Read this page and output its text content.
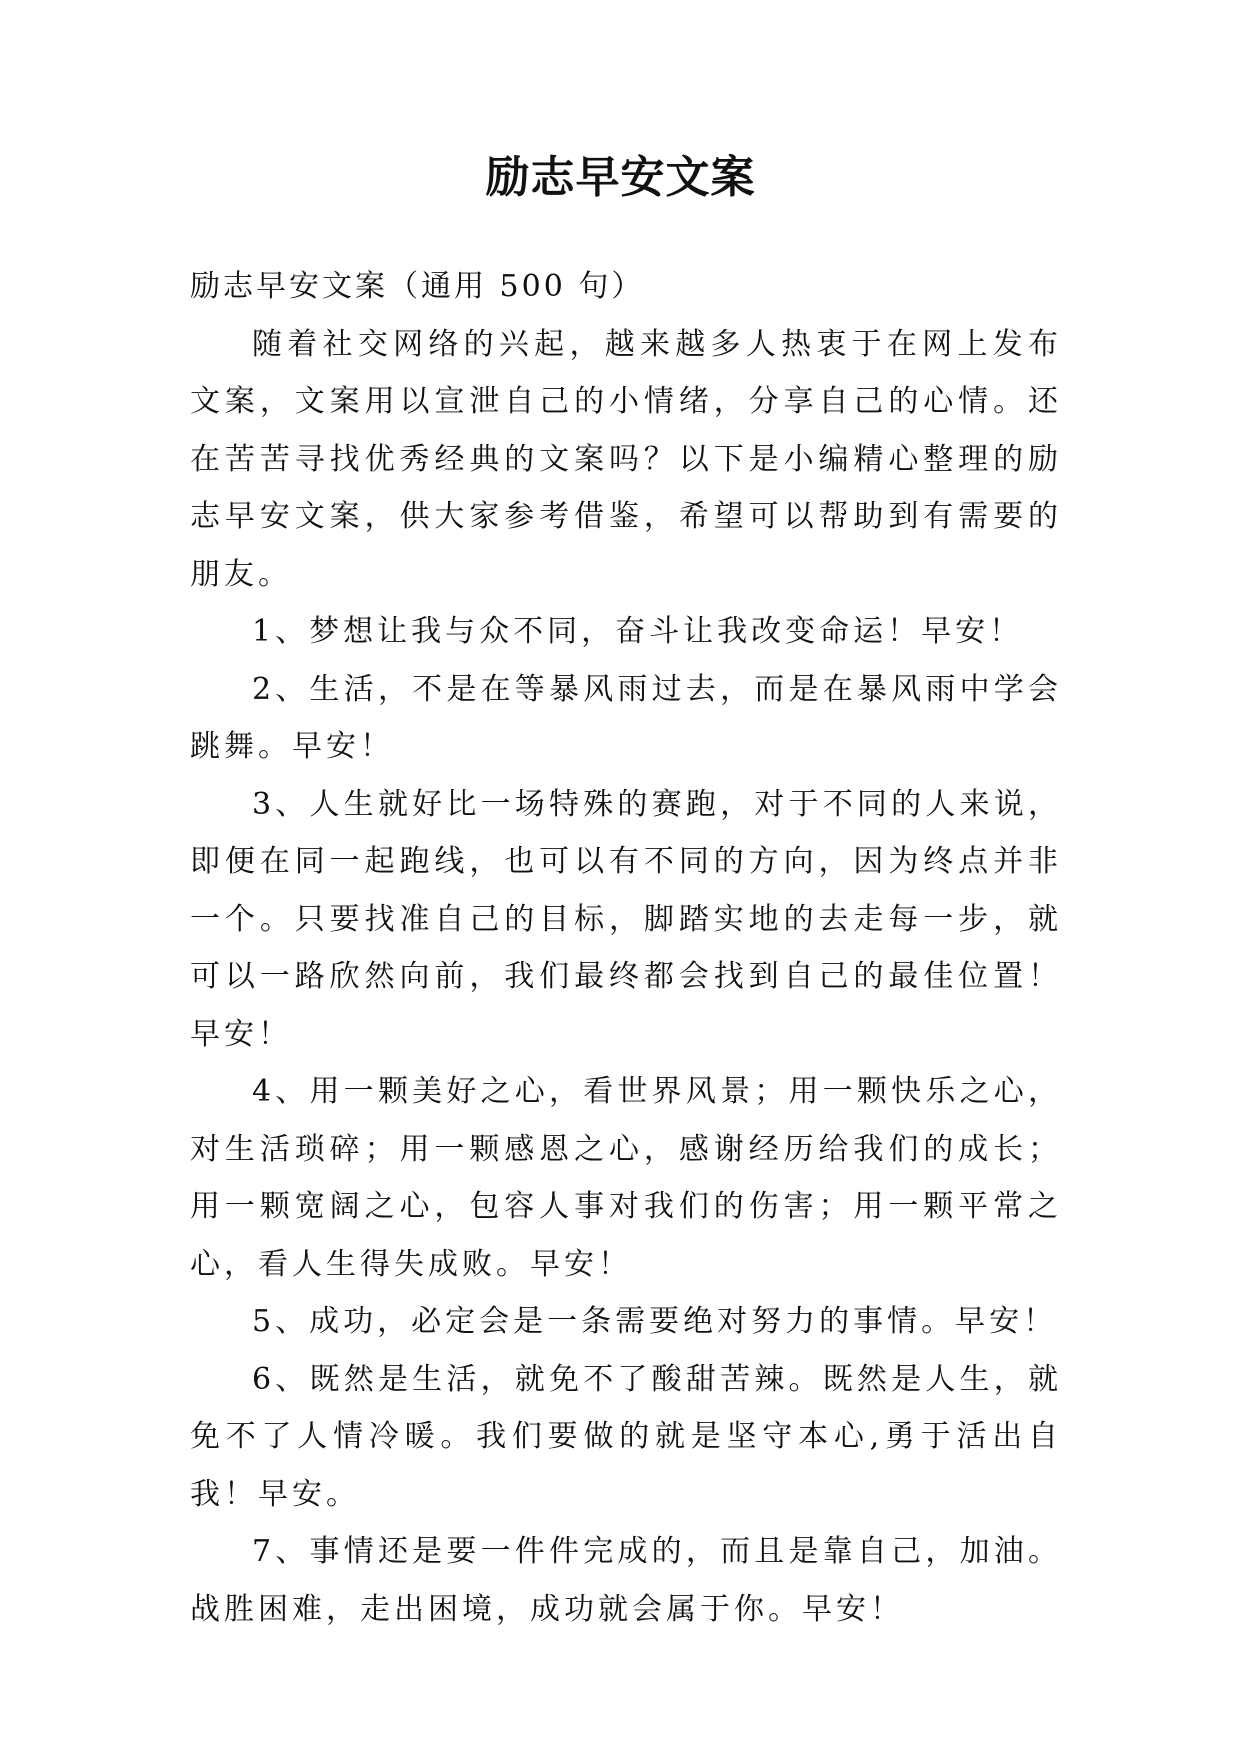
励志早安文案

励志早安文案（通用 500 句）

随着社交网络的兴起，越来越多人热衷于在网上发布文案，文案用以宣泄自己的小情绪，分享自己的心情。还在苦苦寻找优秀经典的文案吗？以下是小编精心整理的励志早安文案，供大家参考借鉴，希望可以帮助到有需要的朋友。

1、梦想让我与众不同，奋斗让我改变命运！早安！

2、生活，不是在等暴风雨过去，而是在暴风雨中学会跳舞。早安！

3、人生就好比一场特殊的赛跑，对于不同的人来说，即便在同一起跑线，也可以有不同的方向，因为终点并非一个。只要找准自己的目标，脚踏实地的去走每一步，就可以一路欣然向前，我们最终都会找到自己的最佳位置！早安！

4、用一颗美好之心，看世界风景；用一颗快乐之心，对生活琐碎；用一颗感恩之心，感谢经历给我们的成长；用一颗宽阔之心，包容人事对我们的伤害；用一颗平常之心，看人生得失成败。早安！

5、成功，必定会是一条需要绝对努力的事情。早安！

6、既然是生活，就免不了酸甜苦辣。既然是人生，就免不了人情冷暖。我们要做的就是坚守本心,勇于活出自我！早安。

7、事情还是要一件件完成的，而且是靠自己，加油。战胜困难，走出困境，成功就会属于你。早安！
